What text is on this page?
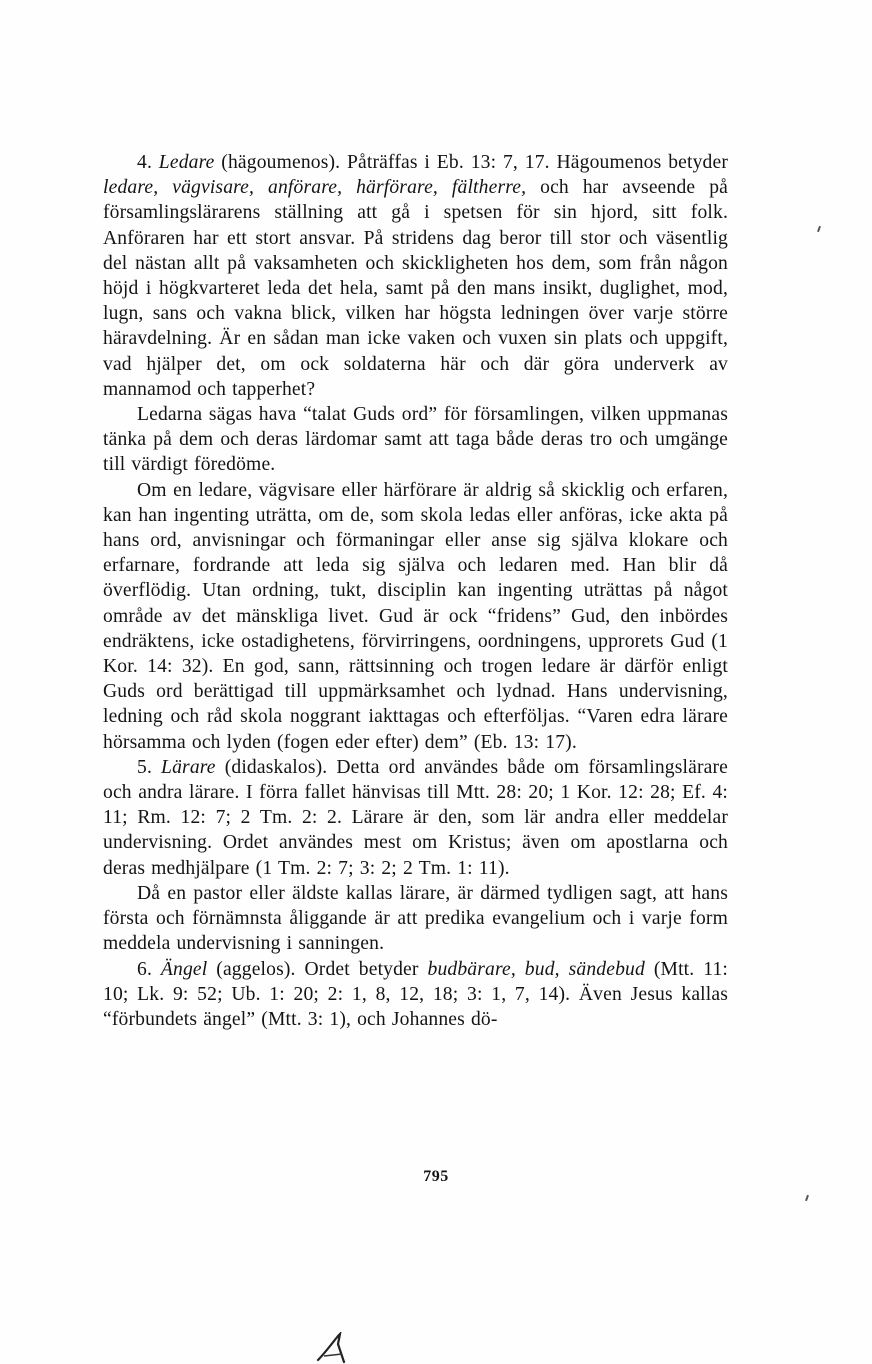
4. Ledare (hägoumenos). Påträffas i Eb. 13: 7, 17. Hägoumenos betyder ledare, vägvisare, anförare, härförare, fältherre, och har avseende på församlingslärarens ställning att gå i spetsen för sin hjord, sitt folk. Anföraren har ett stort ansvar. På stridens dag beror till stor och väsentlig del nästan allt på vaksamheten och skickligheten hos dem, som från någon höjd i högkvarteret leda det hela, samt på den mans insikt, duglighet, mod, lugn, sans och vakna blick, vilken har högsta ledningen över varje större häravdelning. Är en sådan man icke vaken och vuxen sin plats och uppgift, vad hjälper det, om ock soldaterna här och där göra underverk av mannamod och tapperhet?

Ledarna sägas hava “talat Guds ord” för församlingen, vilken uppmanas tänka på dem och deras lärdomar samt att taga både deras tro och umgänge till värdigt föredöme.

Om en ledare, vägvisare eller härförare är aldrig så skicklig och erfaren, kan han ingenting uträtta, om de, som skola ledas eller anföras, icke akta på hans ord, anvisningar och förmaningar eller anse sig själva klokare och erfarnare, fordrande att leda sig själva och ledaren med. Han blir då överflödig. Utan ordning, tukt, disciplin kan ingenting uträttas på något område av det mänskliga livet. Gud är ock “fridens” Gud, den inbördes endräktens, icke ostadighetens, förvirringens, oordningens, upprorets Gud (1 Kor. 14: 32). En god, sann, rättsinning och trogen ledare är därför enligt Guds ord berättigad till uppmärksamhet och lydnad. Hans undervisning, ledning och råd skola noggrant iakttagas och efterföljas. “Varen edra lärare hörsamma och lyden (fogen eder efter) dem” (Eb. 13: 17).

5. Lärare (didaskalos). Detta ord användes både om församlingslärare och andra lärare. I förra fallet hänvisas till Mtt. 28: 20; 1 Kor. 12: 28; Ef. 4: 11; Rm. 12: 7; 2 Tm. 2: 2. Lärare är den, som lär andra eller meddelar undervisning. Ordet användes mest om Kristus; även om apostlarna och deras medhjälpare (1 Tm. 2: 7; 3: 2; 2 Tm. 1: 11).

Då en pastor eller äldste kallas lärare, är därmed tydligen sagt, att hans första och förnämnsta åliggande är att predika evangelium och i varje form meddela undervisning i sanningen.

6. Ängel (aggelos). Ordet betyder budbärare, bud, sändebud (Mtt. 11: 10; Lk. 9: 52; Ub. 1: 20; 2: 1, 8, 12, 18; 3: 1, 7, 14). Även Jesus kallas “förbundets ängel” (Mtt. 3: 1), och Johannes dö-

795
